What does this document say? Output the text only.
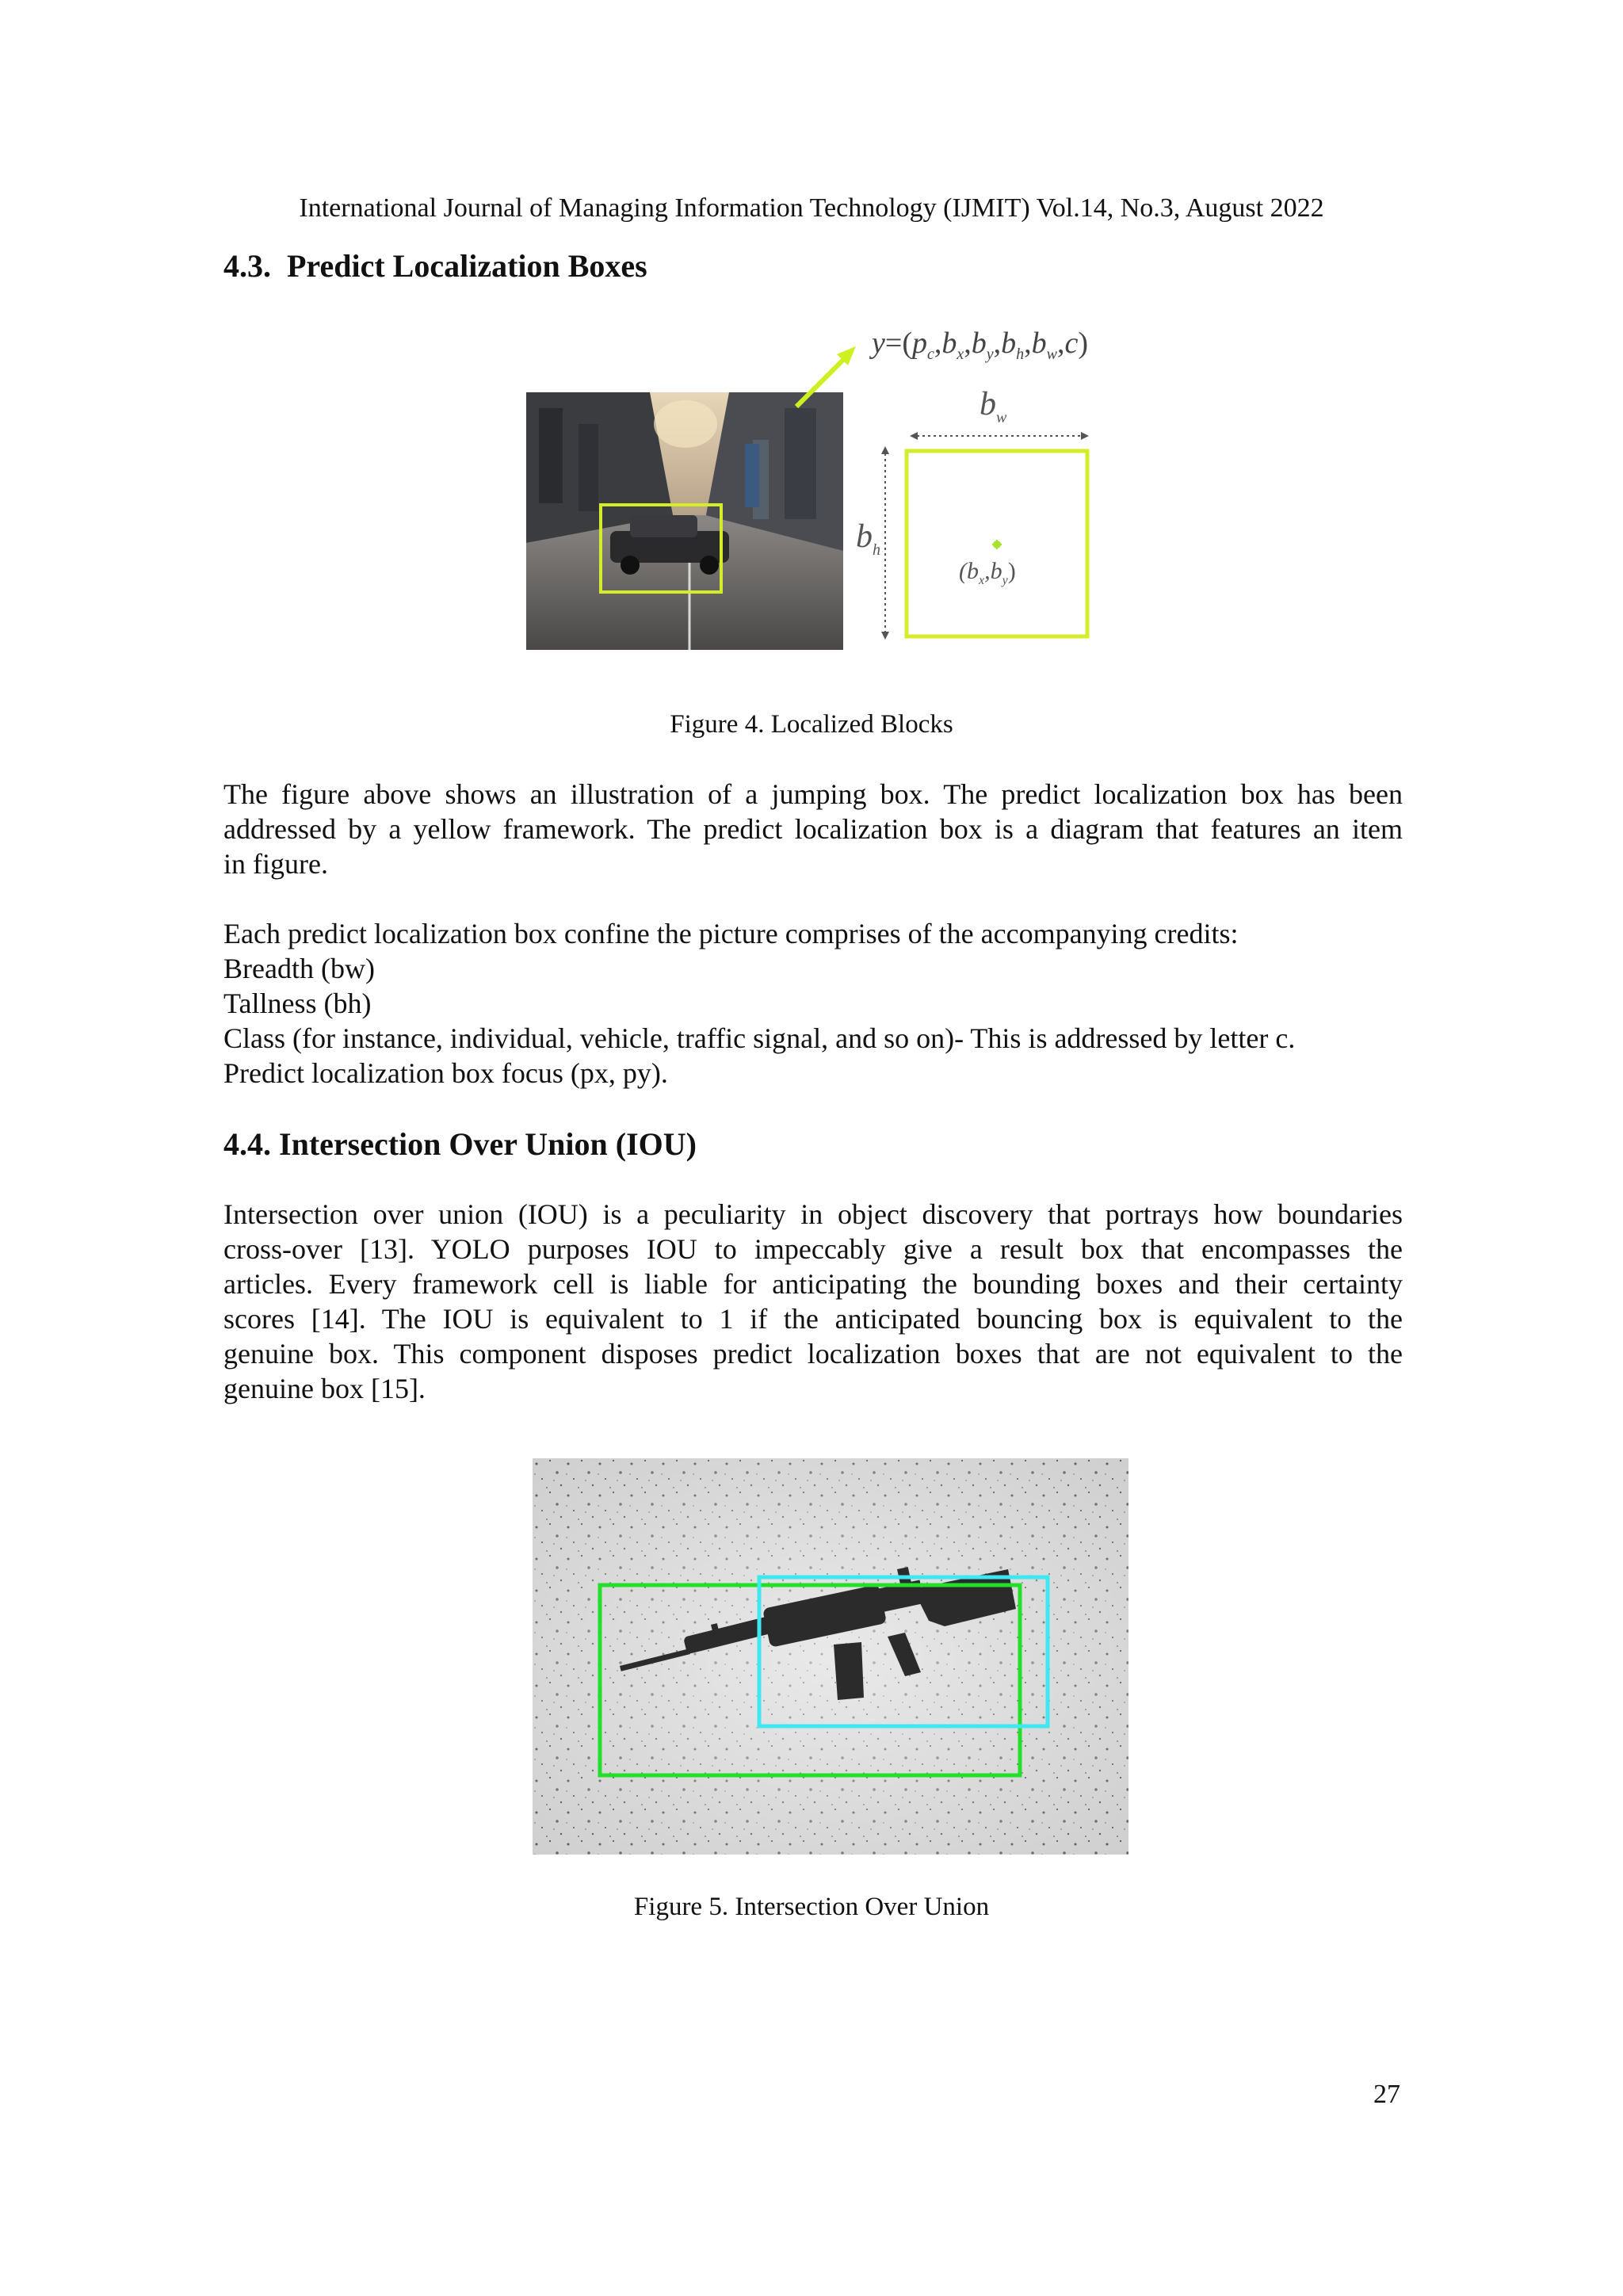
International Journal of Managing Information Technology (IJMIT) Vol.14, No.3, August 2022
4.3. Predict Localization Boxes
$y=(p_c,b_x,b_y,b_h,b_w,c)$
$b_w$
$b_h$
$(b_x,b_y)$
Figure 4. Localized Blocks
The figure above shows an illustration of a jumping box. The predict localization box has been
addressed by a yellow framework. The predict localization box is a diagram that features an item
in figure.
Each predict localization box confine the picture comprises of the accompanying credits:
Breadth (bw)
Tallness (bh)
Class (for instance, individual, vehicle, traffic signal, and so on)- This is addressed by letter c.
Predict localization box focus (px, py).
4.4. Intersection Over Union (IOU)
Intersection over union (IOU) is a peculiarity in object discovery that portrays how boundaries
cross-over [13]. YOLO purposes IOU to impeccably give a result box that encompasses the
articles. Every framework cell is liable for anticipating the bounding boxes and their certainty
scores [14]. The IOU is equivalent to 1 if the anticipated bouncing box is equivalent to the
genuine box. This component disposes predict localization boxes that are not equivalent to the
genuine box [15].
Figure 5. Intersection Over Union
27
